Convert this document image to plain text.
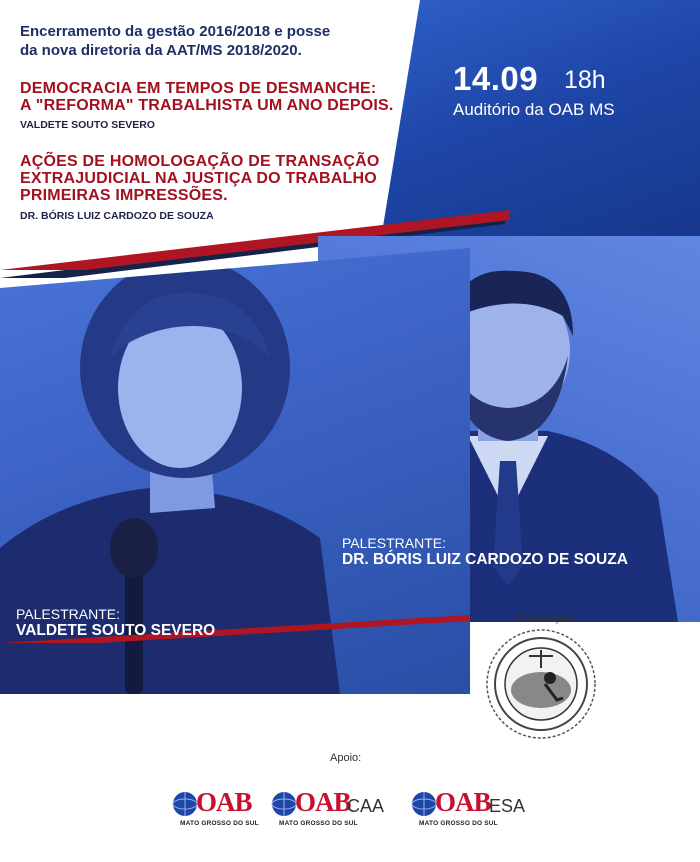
Encerramento da gestão 2016/2018 e posse
da nova diretoria da AAT/MS 2018/2020.
DEMOCRACIA EM TEMPOS DE DESMANCHE:
A "REFORMA" TRABALHISTA UM ANO DEPOIS.
VALDETE SOUTO SEVERO
AÇÕES DE HOMOLOGAÇÃO DE TRANSAÇÃO
EXTRAJUDICIAL NA JUSTIÇA DO TRABALHO
PRIMEIRAS IMPRESSÕES.
DR. BÓRIS LUIZ CARDOZO DE SOUZA
14.09 18h
Auditório da OAB MS
PALESTRANTE:
DR. BÓRIS LUIZ CARDOZO DE SOUZA
PALESTRANTE:
VALDETE SOUTO SEVERO
Realização:
Apoio:
OAB
MATO GROSSO DO SUL
OAB
MATO GROSSO DO SUL
CAA OAB
MATO GROSSO DO SUL
ESA
